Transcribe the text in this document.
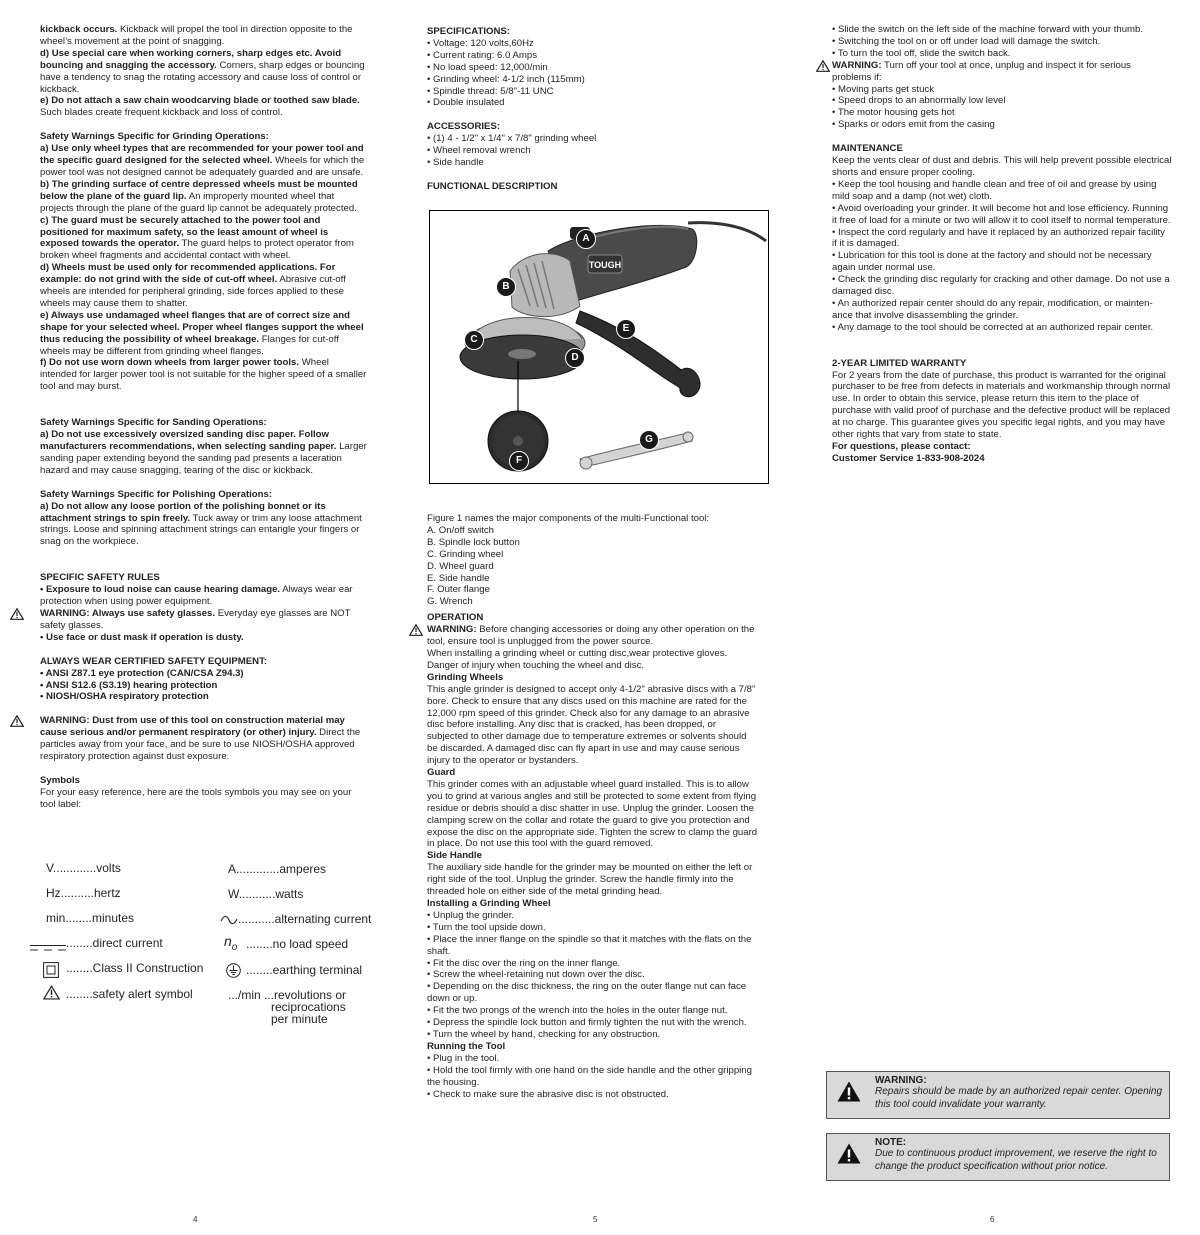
kickback occurs. Kickback will propel the tool in direction opposite to the wheel’s movement at the point of snagging.

d) Use special care when working corners, sharp edges etc. Avoid bouncing and snagging the accessory. Corners, sharp edges or bouncing have a tendency to snag the rotating accessory and cause loss of control or kickback.

e) Do not attach a saw chain woodcarving blade or toothed saw blade. Such blades create frequent kickback and loss of control.

Safety Warnings Specific for Grinding Operations:

a) Use only wheel types that are recommended for your power tool and the specific guard designed for the selected wheel. Wheels for which the power tool was not designed cannot be adequately guarded and are unsafe.

b) The grinding surface of centre depressed wheels must be mounted below the plane of the guard lip. An improperly mounted wheel that projects through the plane of the guard lip cannot be adequately protected.

c) The guard must be securely attached to the power tool and positioned for maximum safety, so the least amount of wheel is exposed towards the operator. The guard helps to protect operator from broken wheel fragments and accidental contact with wheel.

d) Wheels must be used only for recommended applications. For example: do not grind with the side of cut-off wheel. Abrasive cut-off wheels are intended for peripheral grinding, side forces applied to these wheels may cause them to shatter.

e) Always use undamaged wheel flanges that are of correct size and shape for your selected wheel. Proper wheel flanges support the wheel thus reducing the possibility of wheel breakage. Flanges for cut-off wheels may be different from grinding wheel flanges.

f) Do not use worn down wheels from larger power tools. Wheel intended for larger power tool is not suitable for the higher speed of a smaller tool and may burst.

Safety Warnings Specific for Sanding Operations:

a) Do not use excessively oversized sanding disc paper. Follow manufacturers recommendations, when selecting sanding paper. Larger sanding paper extending beyond the sanding pad presents a laceration hazard and may cause snagging, tearing of the disc or kickback.

Safety Warnings Specific for Polishing Operations:

a) Do not allow any loose portion of the polishing bonnet or its attachment strings to spin freely. Tuck away or trim any loose attachment strings. Loose and spinning attachment strings can entangle your fingers or snag on the workpiece.

SPECIFIC SAFETY RULES

• Exposure to loud noise can cause hearing damage. Always wear ear protection when using power equipment.

WARNING: Always use safety glasses. Everyday eye glasses are NOT safety glasses.

• Use face or dust mask if operation is dusty.

ALWAYS WEAR CERTIFIED SAFETY EQUIPMENT:

• ANSI Z87.1 eye protection (CAN/CSA Z94.3)

• ANSI S12.6 (S3.19) hearing protection

• NIOSH/OSHA respiratory protection

WARNING: Dust from use of this tool on construction material may cause serious and/or permanent respiratory (or other) injury. Direct the particles away from your face, and be sure to use NIOSH/OSHA approved respiratory protection against dust exposure.

Symbols

For your easy reference, here are the tools symbols you may see on your tool label:

V.............volts
Hz..........hertz
min........minutes
........direct current
........Class II Construction
........safety alert symbol
A.............amperes
W...........watts
...........alternating current
$n_o$ ........no load speed
........earthing terminal
.../min ...revolutions or
reciprocations
per minute
4

SPECIFICATIONS:

• Voltage: 120 volts,60Hz

• Current rating: 6.0 Amps

• No load speed: 12,000/min

• Grinding wheel: 4-1/2 inch (115mm)

• Spindle thread: 5/8"-11 UNC

• Double insulated

ACCESSORIES:

• (1) 4 - 1/2" x 1/4" x 7/8" grinding wheel

• Wheel removal wrench

• Side handle

FUNCTIONAL DESCRIPTION

TOUGH
A
B
C
D
E
F
G

Figure 1 names the major components of the multi-Functional tool:

A. On/off switch

B. Spindle lock button

C. Grinding wheel

D. Wheel guard

E. Side handle

F. Outer flange

G. Wrench

OPERATION

WARNING: Before changing accessories or doing any other operation on the tool, ensure tool is unplugged from the power source.

When installing a grinding wheel or cutting disc,wear protective gloves.

Danger of injury when touching the wheel and disc.

Grinding Wheels

This angle grinder is designed to accept only 4-1/2" abrasive discs with a 7/8" bore. Check to ensure that any discs used on this machine are rated for the 12,000 rpm speed of this grinder. Check also for any damage to an abrasive disc before installing. Any disc that is cracked, has been dropped, or subjected to other damage due to temperature extremes or solvents should be discarded. A damaged disc can fly apart in use and may cause serious injury to the operator or bystanders.

Guard

This grinder comes with an adjustable wheel guard installed. This is to allow you to grind at various angles and still be protected to some extent from flying residue or debris should a disc shatter in use. Unplug the grinder. Loosen the clamping screw on the collar and rotate the guard to give you protection and expose the disc on the appropriate side. Tighten the screw to clamp the guard in place. Do not use this tool with the guard removed.

Side Handle

The auxiliary side handle for the grinder may be mounted on either the left or right side of the tool. Unplug the grinder. Screw the handle firmly into the threaded hole on either side of the metal grinding head.

Installing a Grinding Wheel

• Unplug the grinder.

• Turn the tool upside down.

• Place the inner flange on the spindle so that it matches with the flats on the shaft.

• Fit the disc over the ring on the inner flange.

• Screw the wheel-retaining nut down over the disc.

• Depending on the disc thickness, the ring on the outer flange nut can face down or up.

• Fit the two prongs of the wrench into the holes in the outer flange nut.

• Depress the spindle lock button and firmly tighten the nut with the wrench.

• Turn the wheel by hand, checking for any obstruction.

Running the Tool

• Plug in the tool.

• Hold the tool firmly with one hand on the side handle and the other gripping the housing.

• Check to make sure the abrasive disc is not obstructed.

5

• Slide the switch on the left side of the machine forward with your thumb.

• Switching the tool on or off under load will damage the switch.

• To turn the tool off, slide the switch back.

WARNING: Turn off your tool at once, unplug and inspect it for serious problems if:

• Moving parts get stuck

• Speed drops to an abnormally low level

• The motor housing gets hot

• Sparks or odors emit from the casing

MAINTENANCE

Keep the vents clear of dust and debris. This will help prevent possible electrical shorts and ensure proper cooling.

• Keep the tool housing and handle clean and free of oil and grease by using mild soap and a damp (not wet) cloth.

• Avoid overloading your grinder. It will become hot and lose efficiency. Running it free of load for a minute or two will allow it to cool itself to normal temperature.

• Inspect the cord regularly and have it replaced by an authorized repair facility if it is damaged.

• Lubrication for this tool is done at the factory and should not be necessary again under normal use.

• Check the grinding disc regularly for cracking and other damage. Do not use a damaged disc.

• An authorized repair center should do any repair, modification, or mainten-ance that involve disassembling the grinder.

• Any damage to the tool should be corrected at an authorized repair center.

2-YEAR LIMITED WARRANTY

For 2 years from the date of purchase, this product is warranted for the original purchaser to be free from defects in materials and workmanship through normal use. In order to obtain this service, please return this item to the place of purchase with valid proof of purchase and the defective product will be replaced at no charge. This guarantee gives you specific legal rights, and you may have other rights that vary from state to state.

For questions, please contact:

Customer Service 1-833-908-2024

WARNING:
Repairs should be made by an authorized repair center. Opening this tool could invalidate your warranty.
NOTE:
Due to continuous product improvement, we reserve the right to change the product specification without prior notice.
6
